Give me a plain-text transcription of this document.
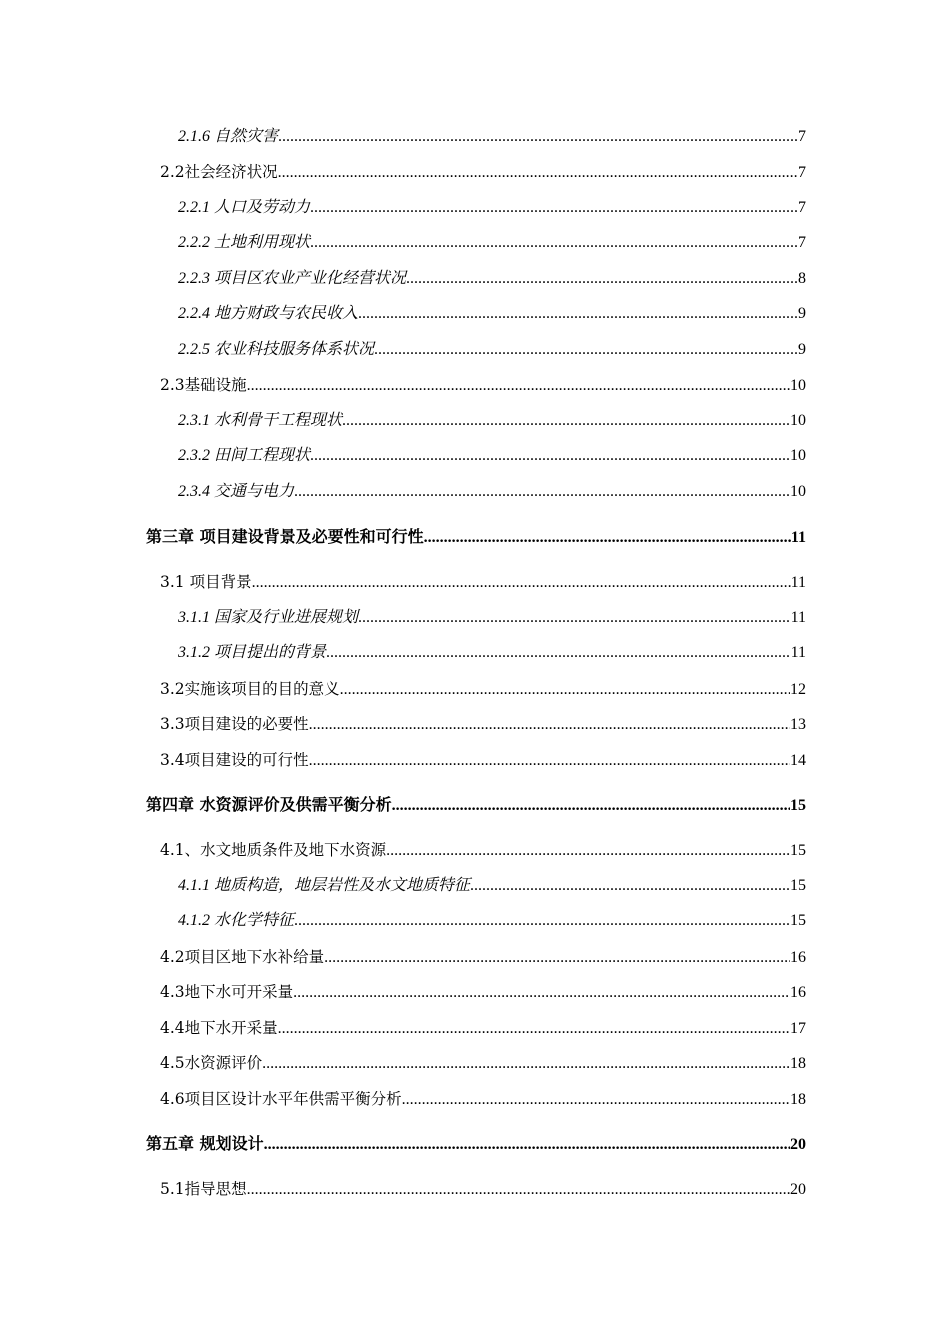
2.1.6 自然灾害 .....	7
2.2社会经济状况 .....	7
2.2.1 人口及劳动力 .....	7
2.2.2 土地利用现状 .....	7
2.2.3 项目区农业产业化经营状况 .....	8
2.2.4 地方财政与农民收入 .....	9
2.2.5 农业科技服务体系状况 .....	9
2.3基础设施 .....	10
2.3.1 水利骨干工程现状 .....	10
2.3.2 田间工程现状 .....	10
2.3.4 交通与电力 .....	10
第三章 项目建设背景及必要性和可行性 .....	11
3.1 项目背景 .....	11
3.1.1 国家及行业进展规划 .....	11
3.1.2 项目提出的背景 .....	11
3.2实施该项目的目的意义 .....	12
3.3项目建设的必要性 .....	13
3.4项目建设的可行性 .....	14
第四章 水资源评价及供需平衡分析 .....	15
4.1、水文地质条件及地下水资源 .....	15
4.1.1 地质构造，地层岩性及水文地质特征 .....	15
4.1.2 水化学特征 .....	15
4.2项目区地下水补给量 .....	16
4.3地下水可开采量 .....	16
4.4地下水开采量 .....	17
4.5水资源评价 .....	18
4.6项目区设计水平年供需平衡分析 .....	18
第五章 规划设计 .....	20
5.1指导思想 .....	20
